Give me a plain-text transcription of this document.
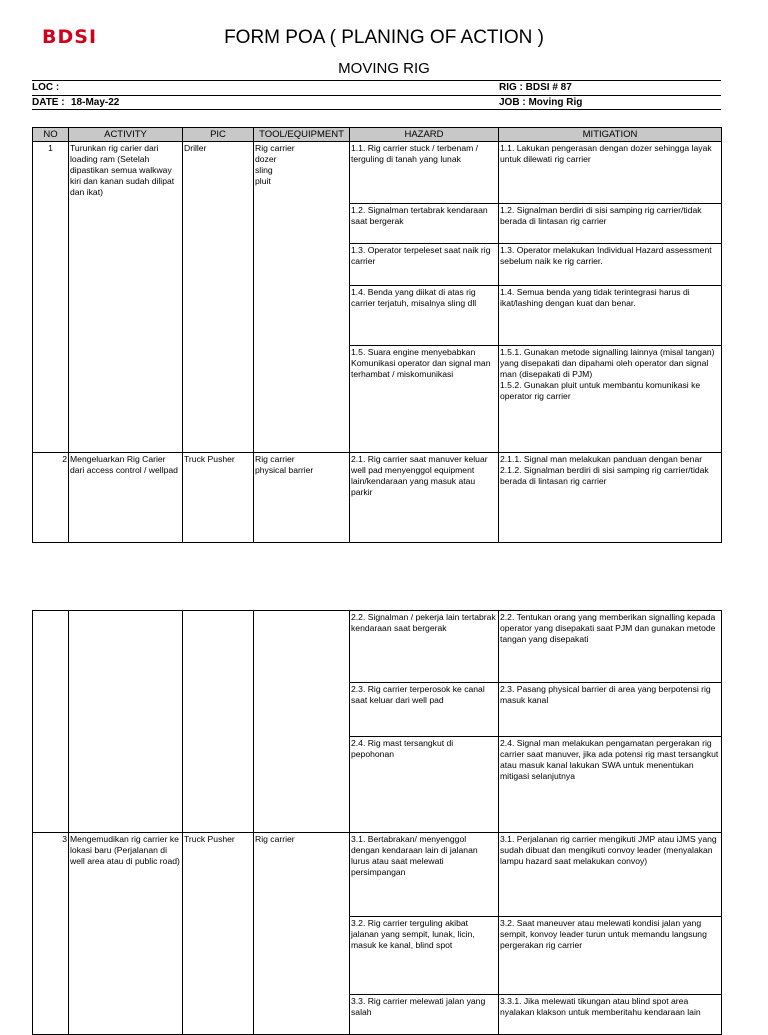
BDSI	FORM POA ( PLANING OF ACTION )
MOVING RIG
LOC :	RIG : BDSI # 87
DATE : 18-May-22	JOB : Moving Rig
NO	ACTIVITY	PIC	TOOL/EQUIPMENT	HAZARD	MITIGATION
1	Turunkan rig carier dari loading ram (Setelah dipastikan semua walkway kiri dan kanan sudah dilipat dan ikat)	Driller	Rig carrier
dozer
sling
pluit	1.1. Rig carrier stuck / terbenam / terguling di tanah yang lunak	1.1. Lakukan pengerasan dengan dozer sehingga layak untuk dilewati rig carrier
				1.2. Signalman tertabrak kendaraan saat bergerak	1.2. Signalman berdiri di sisi samping rig carrier/tidak berada di lintasan rig carrier
				1.3. Operator terpeleset saat naik rig carrier	1.3. Operator melakukan Individual Hazard assessment sebelum naik ke rig carrier.
				1.4. Benda yang diikat di atas rig carrier terjatuh, misalnya sling dll	1.4. Semua benda yang tidak terintegrasi harus di ikat/lashing dengan kuat dan benar.
				1.5. Suara engine menyebabkan Komunikasi operator dan signal man terhambat / miskomunikasi	1.5.1. Gunakan metode signalling lainnya (misal tangan) yang disepakati dan dipahami oleh operator dan signal man (disepakati di PJM)
1.5.2. Gunakan pluit untuk membantu komunikasi ke operator rig carrier
2	Mengeluarkan Rig Carier dari access control / wellpad	Truck Pusher	Rig carrier
physical barrier	2.1. Rig carrier saat manuver keluar well pad menyenggol equipment lain/kendaraan yang masuk atau parkir	2.1.1. Signal man melakukan panduan dengan benar
2.1.2. Signalman berdiri di sisi samping rig carrier/tidak berada di lintasan rig carrier
				2.2. Signalman / pekerja lain tertabrak kendaraan saat bergerak	2.2. Tentukan orang yang memberikan signalling kepada operator yang disepakati saat PJM dan gunakan metode tangan yang disepakati
				2.3. Rig carrier terperosok ke canal saat keluar dari well pad	2.3. Pasang physical barrier di area yang berpotensi rig masuk kanal
				2.4. Rig mast tersangkut di pepohonan	2.4. Signal man melakukan pengamatan pergerakan rig carrier saat manuver, jika ada potensi rig mast tersangkut atau masuk kanal lakukan SWA untuk menentukan mitigasi selanjutnya
3	Mengemudikan rig carrier ke lokasi baru (Perjalanan di well area atau di public road)	Truck Pusher	Rig carrier	3.1. Bertabrakan/ menyenggol dengan kendaraan lain di jalanan lurus atau saat melewati persimpangan	3.1. Perjalanan rig carrier mengikuti JMP atau iJMS yang sudah dibuat dan mengikuti convoy leader (menyalakan lampu hazard saat melakukan convoy)
				3.2. Rig carrier terguling akibat jalanan yang sempit, lunak, licin, masuk ke kanal, blind spot	3.2. Saat maneuver atau melewati kondisi jalan yang sempit, konvoy leader turun untuk memandu langsung pergerakan rig carrier
				3.3. Rig carrier melewati jalan yang salah	3.3.1. Jika melewati tikungan atau blind spot area nyalakan klakson untuk memberitahu kendaraan lain
